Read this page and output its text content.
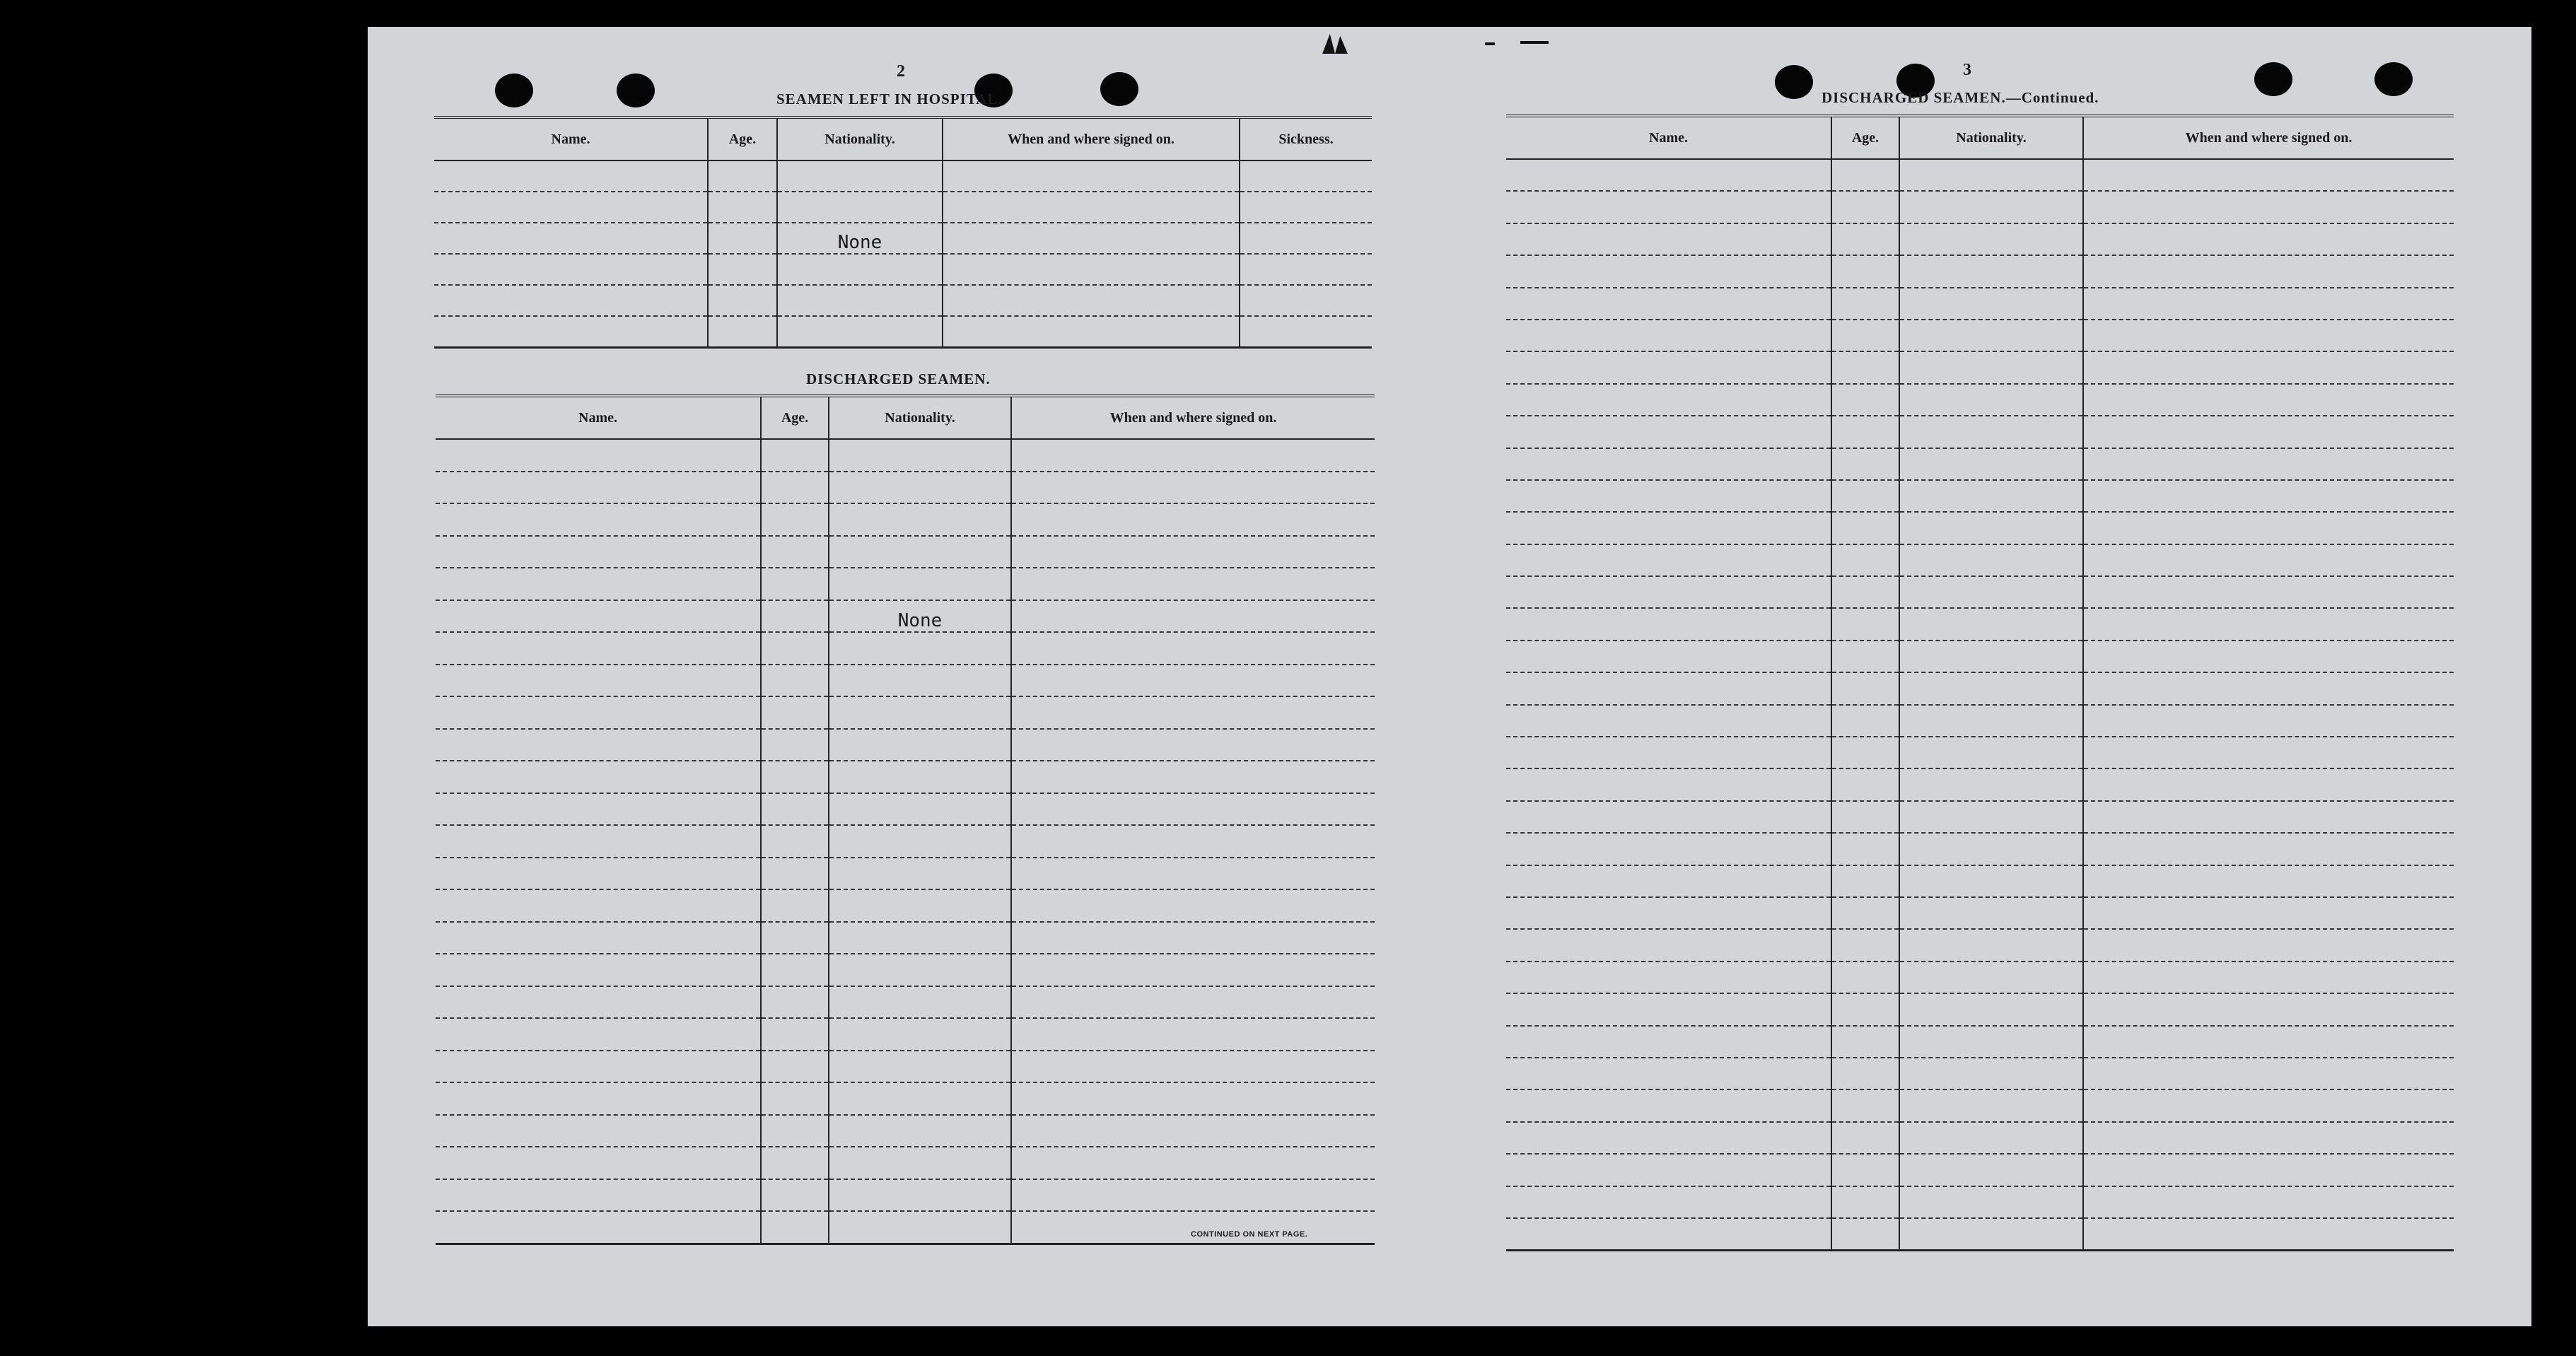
2
SEAMEN LEFT IN HOSPITAL.
Name.	Age.	Nationality.	When and where signed on.	Sickness.

		None		

DISCHARGED SEAMEN.
Name.	Age.	Nationality.	When and where signed on.

		None	

CONTINUED ON NEXT PAGE.
3
DISCHARGED SEAMEN.—Continued.
Name.	Age.	Nationality.	When and where signed on.
